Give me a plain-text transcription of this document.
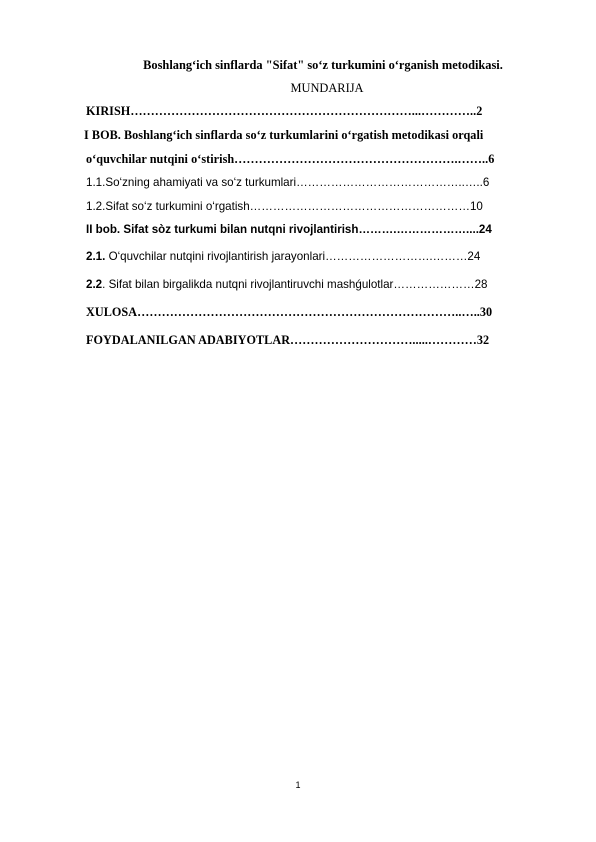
Boshlang‘ich sinflarda "Sifat" so‘z turkumini o‘rganish metodikasi.
MUNDARIJA
KIRISH……………………………………………………………...…………..2
I BOB. Boshlang‘ich sinflarda so‘z turkumlarini o‘rgatish metodikasi orqali
o‘quvchilar nutqini o‘stirish……………………………………………….……..6
1.1.So‘zning ahamiyati va so‘z turkumlari……………………………………..…..6
1.2.Sifat so‘z turkumini o‘rgatish…………………………………………………10
II bob. Sifat sòz turkumi bilan nutqni rivojlantirish……….………………....24
2.1. O‘quvchilar nutqini rivojlantirish jarayonlari……………………….………24
2.2. Sifat bilan birgalikda nutqni rivojlantiruvchi mashǵulotlar…………………28
XULOSA……………………………………………………………………..…..30
FOYDALANILGAN ADABIYOTLAR………………………….....…………32
1
